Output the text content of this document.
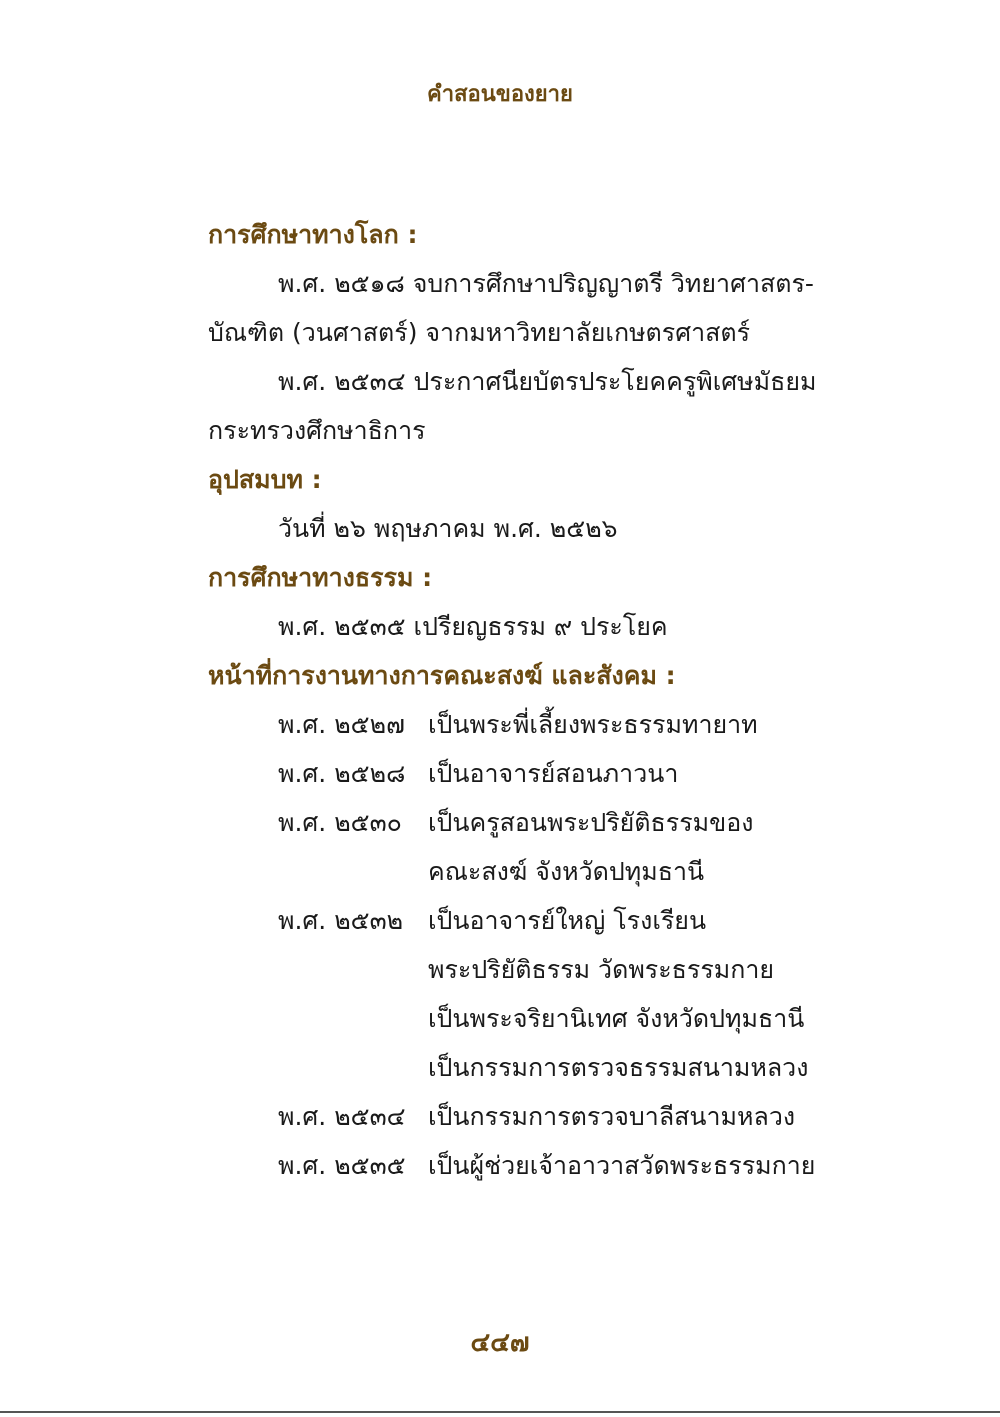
คำสอนของยาย
การศึกษาทางโลก :
พ.ศ. ๒๕๑๘ จบการศึกษาปริญญาตรี วิทยาศาสตร-
บัณฑิต (วนศาสตร์) จากมหาวิทยาลัยเกษตรศาสตร์
พ.ศ. ๒๕๓๔ ประกาศนียบัตรประโยคครูพิเศษมัธยม
กระทรวงศึกษาธิการ
อุปสมบท :
วันที่ ๒๖ พฤษภาคม พ.ศ. ๒๕๒๖
การศึกษาทางธรรม :
พ.ศ. ๒๕๓๕ เปรียญธรรม ๙ ประโยค
หน้าที่การงานทางการคณะสงฆ์ และสังคม :
พ.ศ. ๒๕๒๗ เป็นพระพี่เลี้ยงพระธรรมทายาท
พ.ศ. ๒๕๒๘ เป็นอาจารย์สอนภาวนา
พ.ศ. ๒๕๓๐	เป็นครูสอนพระปริยัติธรรมของ
คณะสงฆ์ จังหวัดปทุมธานี
พ.ศ. ๒๕๓๒ เป็นอาจารย์ใหญ่ โรงเรียน
พระปริยัติธรรม วัดพระธรรมกาย
เป็นพระจริยานิเทศ จังหวัดปทุมธานี
เป็นกรรมการตรวจธรรมสนามหลวง
พ.ศ. ๒๕๓๔ เป็นกรรมการตรวจบาลีสนามหลวง
พ.ศ. ๒๕๓๕ เป็นผู้ช่วยเจ้าอาวาสวัดพระธรรมกาย
๔๔๗
